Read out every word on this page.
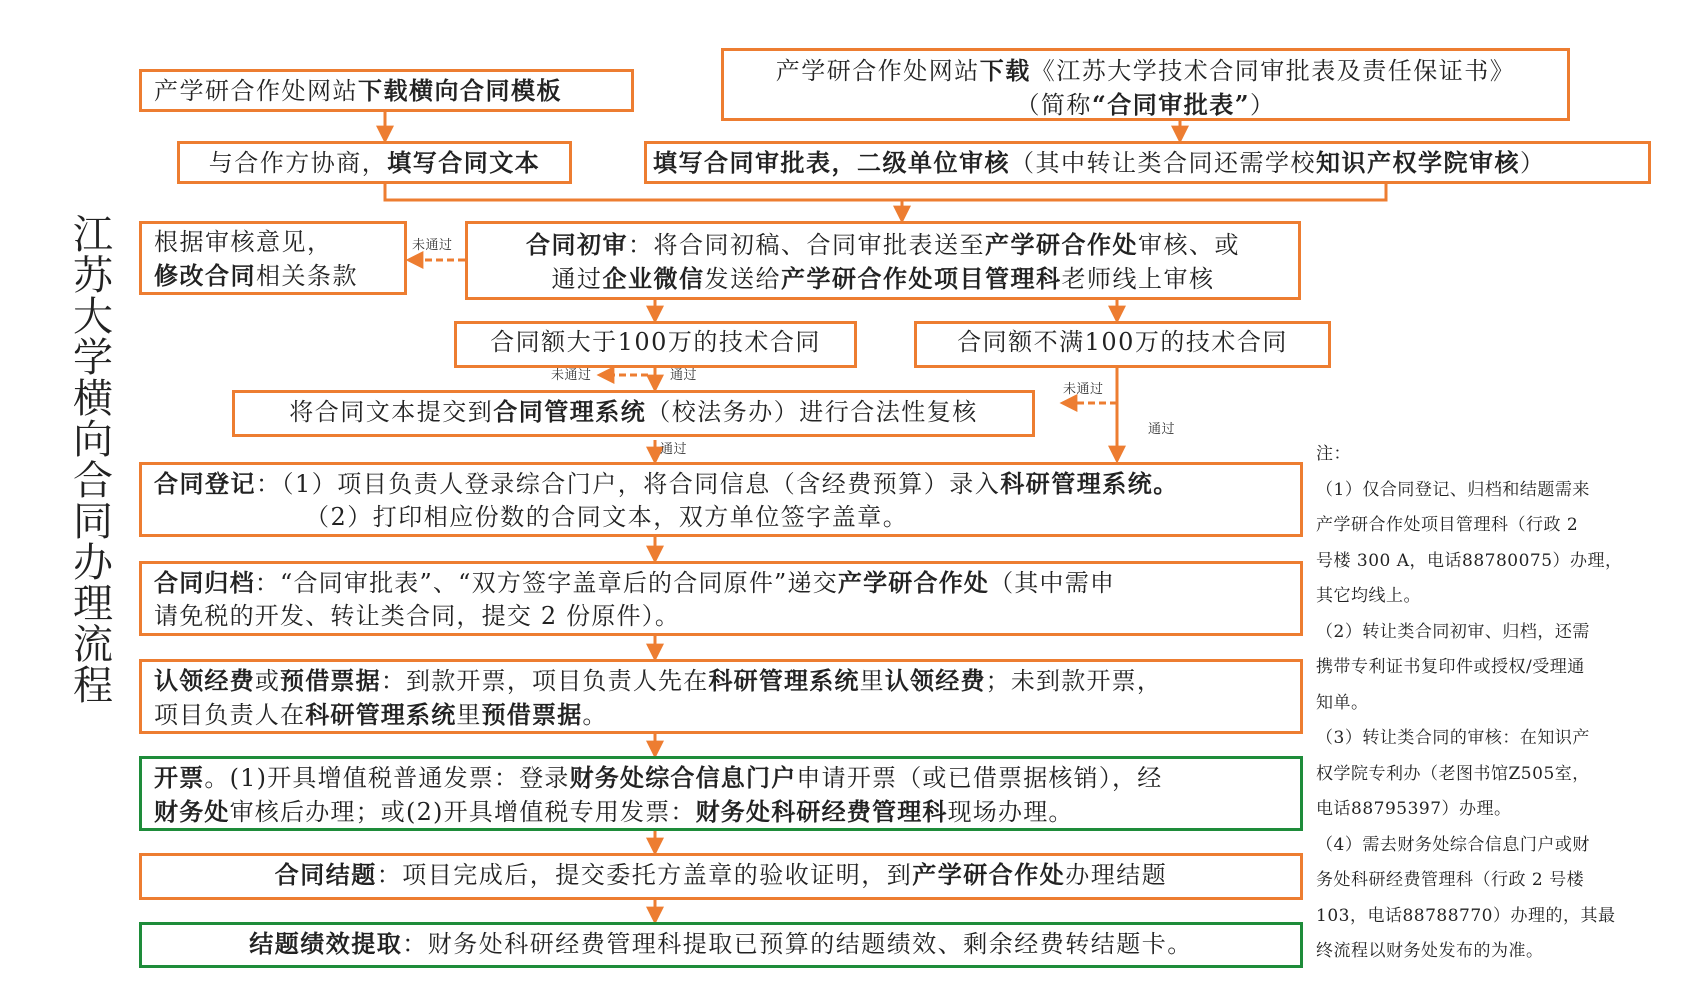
江
苏
大
学
横
向
合
同
办
理
流
程
未通过
未通过	通过
未通过
通过
通过
产学研合作处网站下载横向合同模板
产学研合作处网站下载《江苏大学技术合同审批表及责任保证书》
（简称“合同审批表”）
与合作方协商，填写合同文本	填写合同审批表，二级单位审核（其中转让类合同还需学校知识产权学院审核）
根据审核意见，
修改合同相关条款
合同初审：将合同初稿、合同审批表送至产学研合作处审核、或
通过企业微信发送给产学研合作处项目管理科老师线上审核
合同额大于100万的技术合同	合同额不满100万的技术合同
将合同文本提交到合同管理系统（校法务办）进行合法性复核
合同登记：（1）项目负责人登录综合门户，将合同信息（含经费预算）录入科研管理系统。
（2）打印相应份数的合同文本，双方单位签字盖章。
合同归档：“合同审批表”、“双方签字盖章后的合同原件”递交产学研合作处（其中需申
请免税的开发、转让类合同，提交 2 份原件）。
认领经费或预借票据：到款开票，项目负责人先在科研管理系统里认领经费；未到款开票，
项目负责人在科研管理系统里预借票据。
开票。(1)开具增值税普通发票：登录财务处综合信息门户申请开票（或已借票据核销），经
财务处审核后办理；或(2)开具增值税专用发票：财务处科研经费管理科现场办理。
合同结题：项目完成后，提交委托方盖章的验收证明，到产学研合作处办理结题
结题绩效提取：财务处科研经费管理科提取已预算的结题绩效、剩余经费转结题卡。

注：

（1）仅合同登记、归档和结题需来

产学研合作处项目管理科（行政 2

号楼 300 A，电话88780075）办理，

其它均线上。

（2）转让类合同初审、归档，还需

携带专利证书复印件或授权/受理通

知单。

（3）转让类合同的审核：在知识产

权学院专利办（老图书馆Z505室，

电话88795397）办理。

（4）需去财务处综合信息门户或财

务处科研经费管理科（行政 2 号楼

103，电话88788770）办理的，其最

终流程以财务处发布的为准。
